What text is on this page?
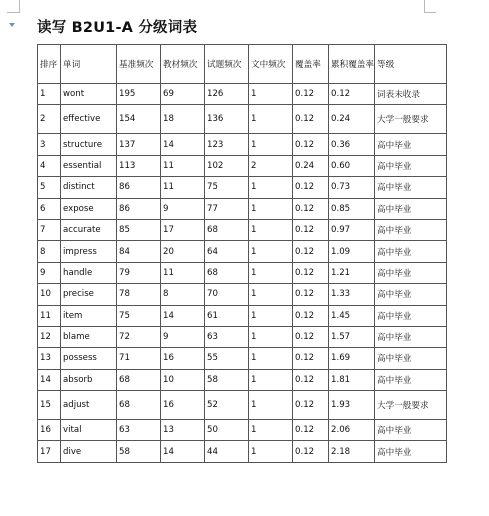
读写 B2U1-A 分级词表
排序	单词	基准频次	教材频次	试题频次	文中频次	覆盖率	累积覆盖率	等级
1	wont	195	69	126	1	0.12	0.12	词表未收录
2	effective	154	18	136	1	0.12	0.24	大学一般要求
3	structure	137	14	123	1	0.12	0.36	高中毕业
4	essential	113	11	102	2	0.24	0.60	高中毕业
5	distinct	86	11	75	1	0.12	0.73	高中毕业
6	expose	86	9	77	1	0.12	0.85	高中毕业
7	accurate	85	17	68	1	0.12	0.97	高中毕业
8	impress	84	20	64	1	0.12	1.09	高中毕业
9	handle	79	11	68	1	0.12	1.21	高中毕业
10	precise	78	8	70	1	0.12	1.33	高中毕业
11	item	75	14	61	1	0.12	1.45	高中毕业
12	blame	72	9	63	1	0.12	1.57	高中毕业
13	possess	71	16	55	1	0.12	1.69	高中毕业
14	absorb	68	10	58	1	0.12	1.81	高中毕业
15	adjust	68	16	52	1	0.12	1.93	大学一般要求
16	vital	63	13	50	1	0.12	2.06	高中毕业
17	dive	58	14	44	1	0.12	2.18	高中毕业
